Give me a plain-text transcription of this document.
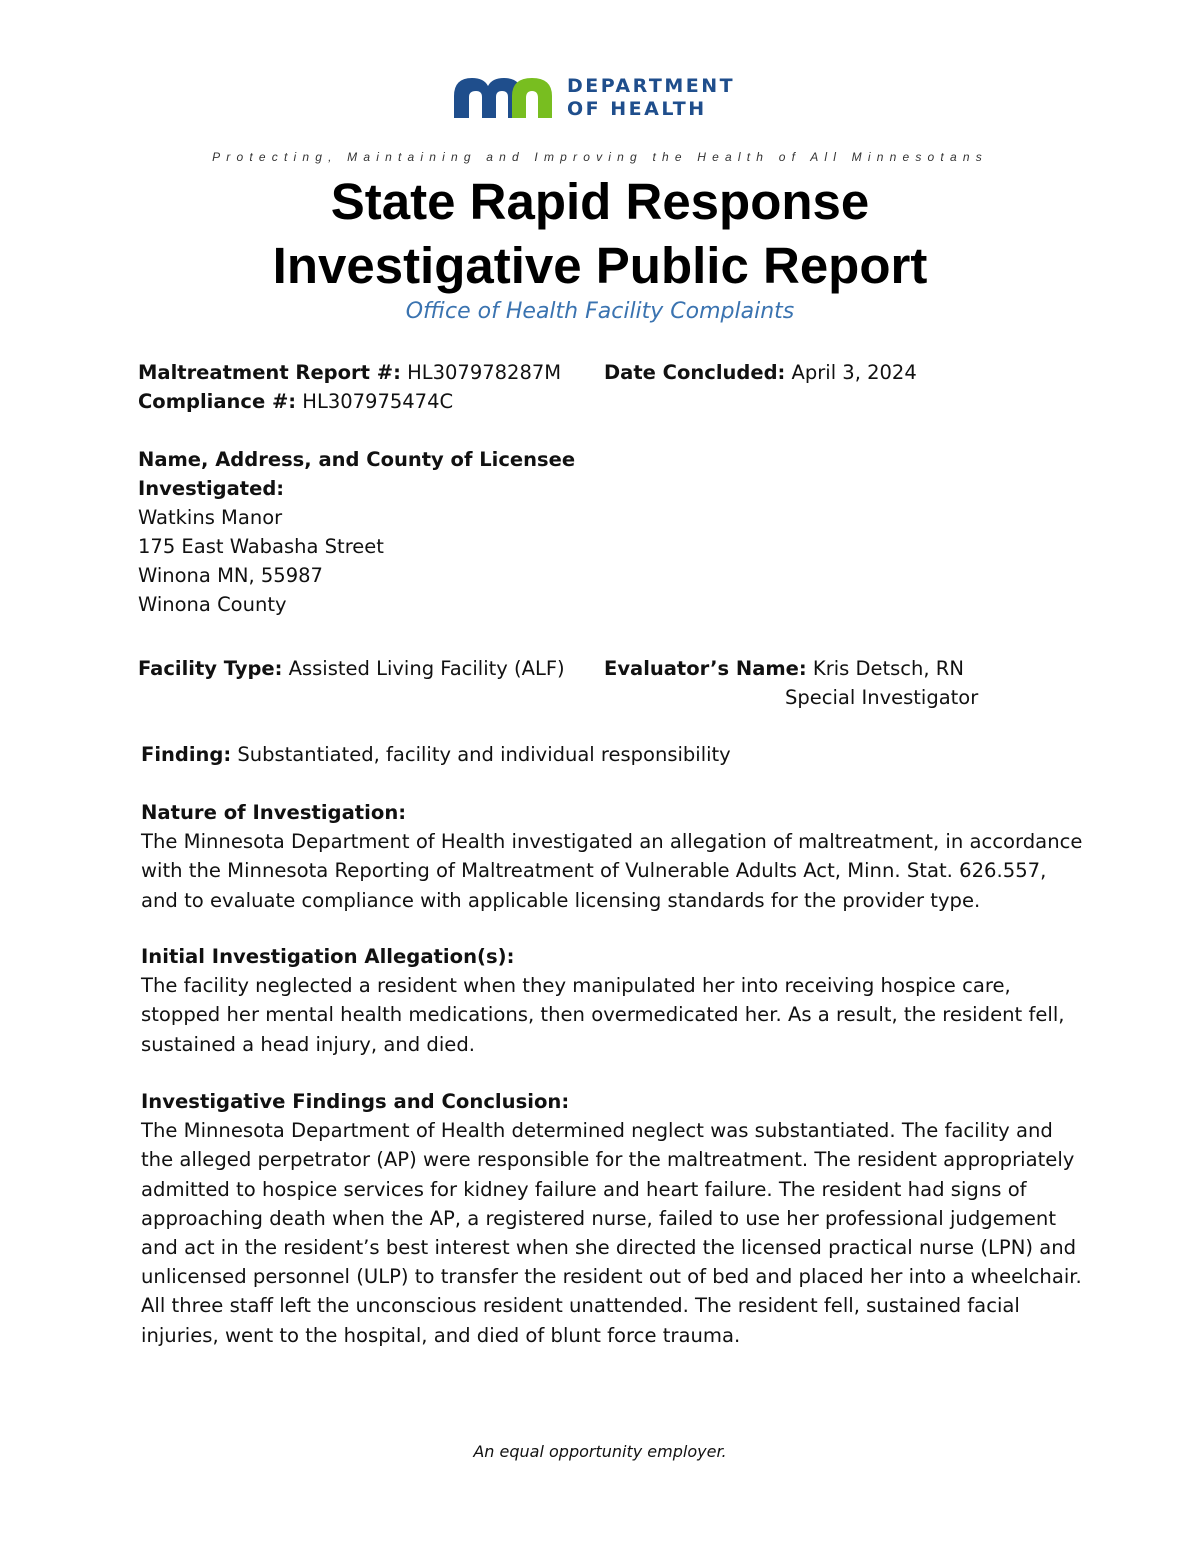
DEPARTMENT
OF HEALTH
Protecting, Maintaining and Improving the Health of All Minnesotans
State Rapid Response
Investigative Public Report
Office of Health Facility Complaints
Maltreatment Report #: HL307978287M
Compliance #: HL307975474C
Date Concluded: April 3, 2024
Name, Address, and County of Licensee
Investigated:
Watkins Manor
175 East Wabasha Street
Winona MN, 55987
Winona County
Facility Type: Assisted Living Facility (ALF) Evaluator’s Name: Kris Detsch, RN
Special Investigator
Finding: Substantiated, facility and individual responsibility

Nature of Investigation:

The Minnesota Department of Health investigated an allegation of maltreatment, in accordance

with the Minnesota Reporting of Maltreatment of Vulnerable Adults Act, Minn. Stat. 626.557,

and to evaluate compliance with applicable licensing standards for the provider type.

Initial Investigation Allegation(s):

The facility neglected a resident when they manipulated her into receiving hospice care,

stopped her mental health medications, then overmedicated her. As a result, the resident fell,

sustained a head injury, and died.

Investigative Findings and Conclusion:

The Minnesota Department of Health determined neglect was substantiated. The facility and

the alleged perpetrator (AP) were responsible for the maltreatment. The resident appropriately

admitted to hospice services for kidney failure and heart failure. The resident had signs of

approaching death when the AP, a registered nurse, failed to use her professional judgement

and act in the resident’s best interest when she directed the licensed practical nurse (LPN) and

unlicensed personnel (ULP) to transfer the resident out of bed and placed her into a wheelchair.

All three staff left the unconscious resident unattended. The resident fell, sustained facial

injuries, went to the hospital, and died of blunt force trauma.

An equal opportunity employer.
